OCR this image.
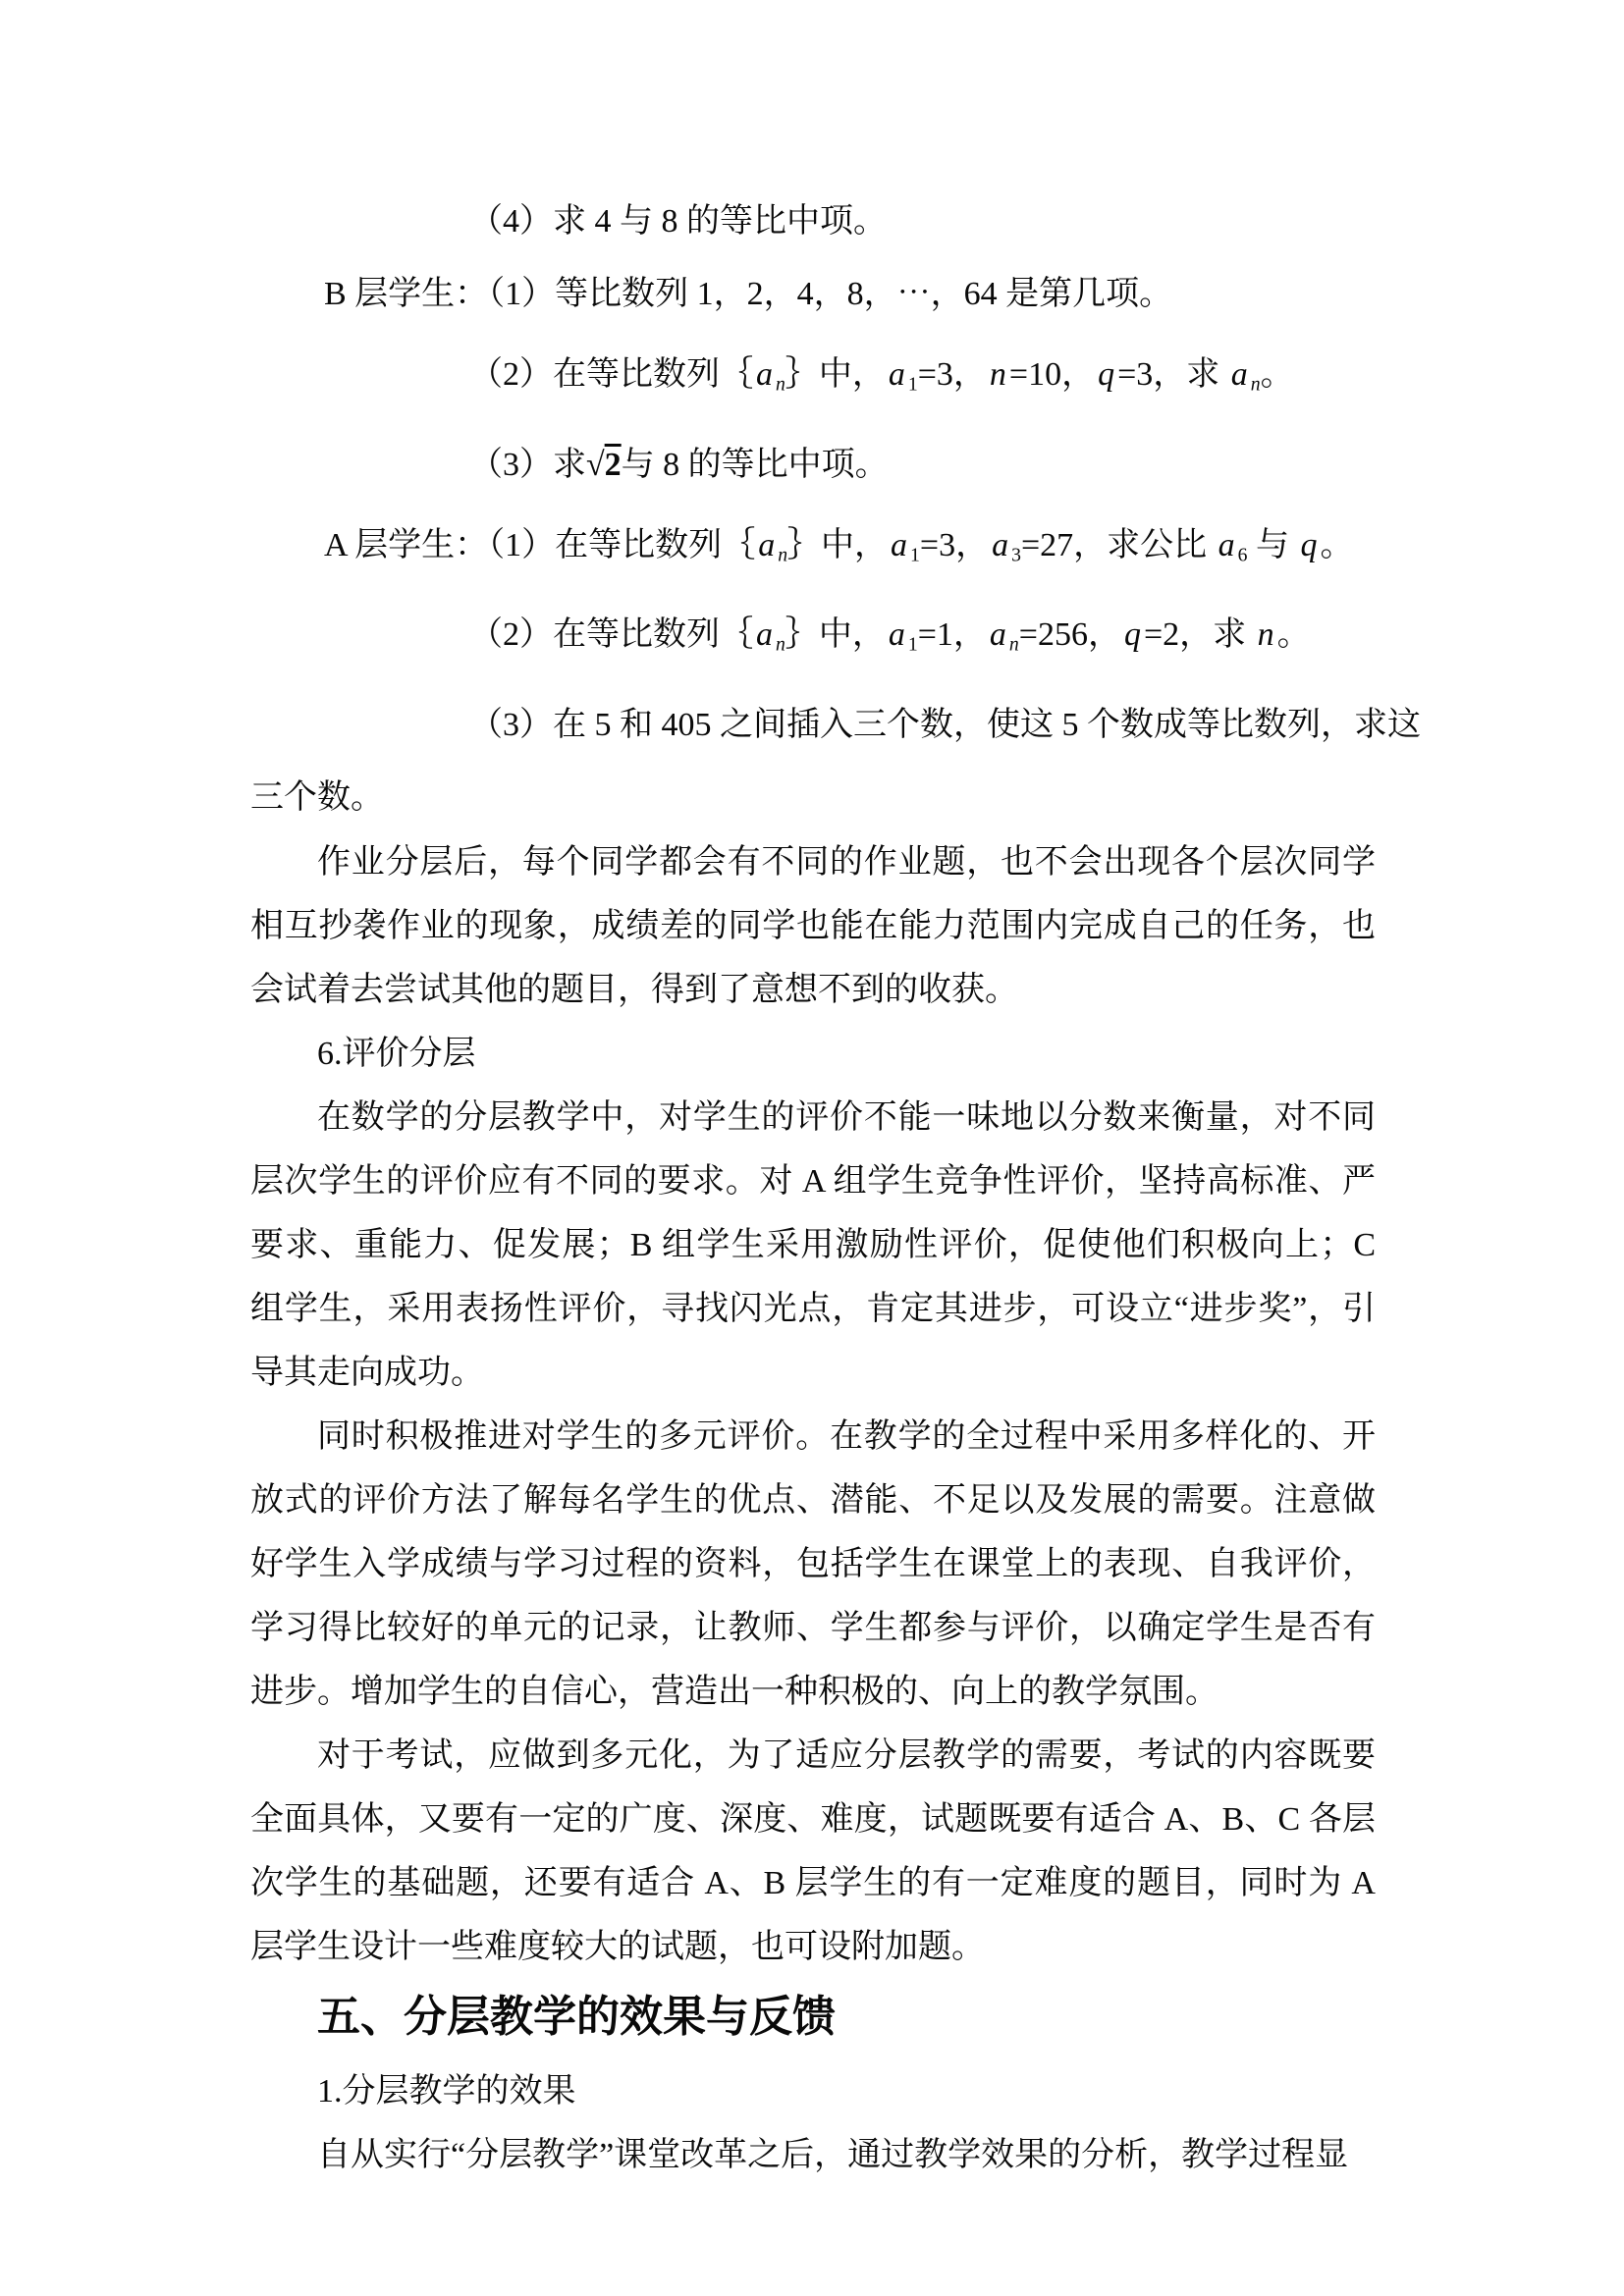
（4）求 4 与 8 的等比中项。
B 层学生：（1）等比数列 1，2，4，8，⋯，64 是第几项。
（2）在等比数列｛a n｝中，a 1=3，n=10，q=3，求 a n。
（3）求√2与 8 的等比中项。
A 层学生：（1）在等比数列｛a n｝中，a 1=3，a 3=27，求公比 a 6 与 q。
（2）在等比数列｛a n｝中，a 1=1，a n=256，q=2，求 n。
（3）在 5 和 405 之间插入三个数，使这 5 个数成等比数列，求这
三个数。
作业分层后，每个同学都会有不同的作业题，也不会出现各个层次同学相互抄袭作业的现象，成绩差的同学也能在能力范围内完成自己的任务，也会试着去尝试其他的题目，得到了意想不到的收获。
6.评价分层
在数学的分层教学中，对学生的评价不能一味地以分数来衡量，对不同层次学生的评价应有不同的要求。对 A 组学生竞争性评价，坚持高标准、严要求、重能力、促发展；B 组学生采用激励性评价，促使他们积极向上；C 组学生，采用表扬性评价，寻找闪光点，肯定其进步，可设立“进步奖”，引导其走向成功。
同时积极推进对学生的多元评价。在教学的全过程中采用多样化的、开放式的评价方法了解每名学生的优点、潜能、不足以及发展的需要。注意做好学生入学成绩与学习过程的资料，包括学生在课堂上的表现、自我评价，学习得比较好的单元的记录，让教师、学生都参与评价，以确定学生是否有进步。增加学生的自信心，营造出一种积极的、向上的教学氛围。
对于考试，应做到多元化，为了适应分层教学的需要，考试的内容既要全面具体，又要有一定的广度、深度、难度，试题既要有适合 A、B、C 各层次学生的基础题，还要有适合 A、B 层学生的有一定难度的题目，同时为 A 层学生设计一些难度较大的试题，也可设附加题。
五、分层教学的效果与反馈
1.分层教学的效果
自从实行“分层教学”课堂改革之后，通过教学效果的分析，教学过程显
